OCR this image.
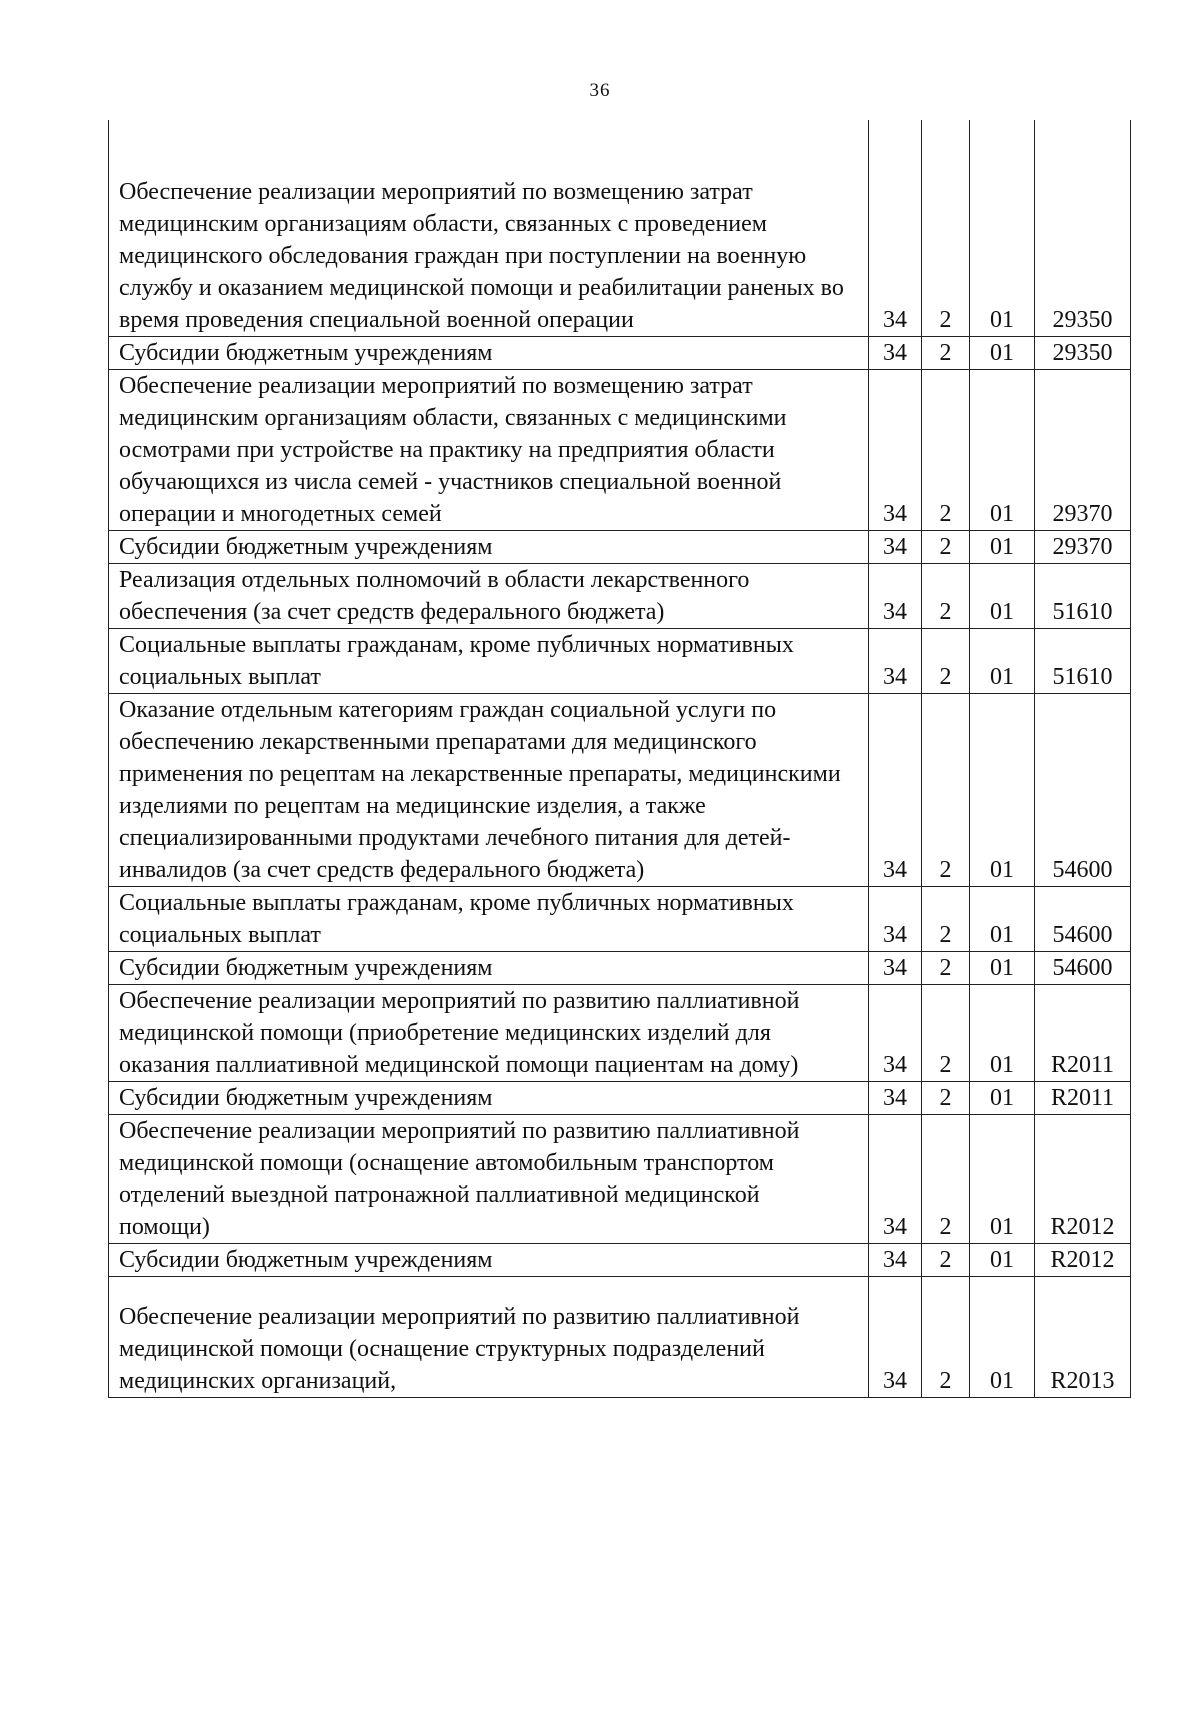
36
Обеспечение реализации мероприятий по возмещению затрат медицинским организациям области, связанных с проведением медицинского обследования граждан при поступлении на военную службу и оказанием медицинской помощи и реабилитации раненых во время проведения специальной военной операции	34	2	01	29350
Субсидии бюджетным учреждениям	34	2	01	29350
Обеспечение реализации мероприятий по возмещению затрат медицинским организациям области, связанных с медицинскими осмотрами при устройстве на практику на предприятия области обучающихся из числа семей - участников специальной военной операции и многодетных семей	34	2	01	29370
Субсидии бюджетным учреждениям	34	2	01	29370
Реализация отдельных полномочий в области лекарственного обеспечения (за счет средств федерального бюджета)	34	2	01	51610
Социальные выплаты гражданам, кроме публичных нормативных социальных выплат	34	2	01	51610
Оказание отдельным категориям граждан социальной услуги по обеспечению лекарственными препаратами для медицинского применения по рецептам на лекарственные препараты, медицинскими изделиями по рецептам на медицинские изделия, а также специализированными продуктами лечебного питания для детей-инвалидов (за счет средств федерального бюджета)	34	2	01	54600
Социальные выплаты гражданам, кроме публичных нормативных социальных выплат	34	2	01	54600
Субсидии бюджетным учреждениям	34	2	01	54600
Обеспечение реализации мероприятий по развитию паллиативной медицинской помощи (приобретение медицинских изделий для оказания паллиативной медицинской помощи пациентам на дому)	34	2	01	R2011
Субсидии бюджетным учреждениям	34	2	01	R2011
Обеспечение реализации мероприятий по развитию паллиативной медицинской помощи (оснащение автомобильным транспортом отделений выездной патронажной паллиативной медицинской помощи)	34	2	01	R2012
Субсидии бюджетным учреждениям	34	2	01	R2012
Обеспечение реализации мероприятий по развитию паллиативной медицинской помощи (оснащение структурных подразделений медицинских организаций,	34	2	01	R2013
